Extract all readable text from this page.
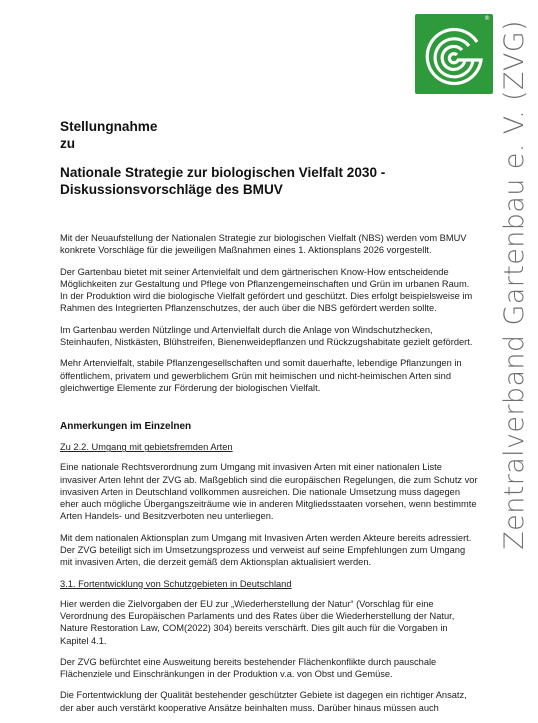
®
Zentralverband Gartenbau e. V. (ZVG)
Stellungnahme
zu
Nationale Strategie zur biologischen Vielfalt 2030 -
Diskussionsvorschläge des BMUV

Mit der Neuaufstellung der Nationalen Strategie zur biologischen Vielfalt (NBS) werden vom BMUV konkrete Vorschläge für die jeweiligen Maßnahmen eines 1. Aktionsplans 2026 vorgestellt.

Der Gartenbau bietet mit seiner Artenvielfalt und dem gärtnerischen Know-How entscheidende Möglichkeiten zur Gestaltung und Pflege von Pflanzengemeinschaften und Grün im urbanen Raum. In der Produktion wird die biologische Vielfalt gefördert und geschützt. Dies erfolgt beispielsweise im Rahmen des Integrierten Pflanzenschutzes, der auch über die NBS gefördert werden sollte.

Im Gartenbau werden Nützlinge und Artenvielfalt durch die Anlage von Windschutzhecken, Steinhaufen, Nistkästen, Blühstreifen, Bienenweidepflanzen und Rückzugshabitate gezielt gefördert.

Mehr Artenvielfalt, stabile Pflanzengesellschaften und somit dauerhafte, lebendige Pflanzungen in öffentlichem, privatem und gewerblichem Grün mit heimischen und nicht-heimischen Arten sind gleichwertige Elemente zur Förderung der biologischen Vielfalt.

Anmerkungen im Einzelnen
Zu 2.2. Umgang mit gebietsfremden Arten

Eine nationale Rechtsverordnung zum Umgang mit invasiven Arten mit einer nationalen Liste invasiver Arten lehnt der ZVG ab. Maßgeblich sind die europäischen Regelungen, die zum Schutz vor invasiven Arten in Deutschland vollkommen ausreichen. Die nationale Umsetzung muss dagegen eher auch mögliche Übergangszeiträume wie in anderen Mitgliedsstaaten vorsehen, wenn bestimmte Arten Handels- und Besitzverboten neu unterliegen.

Mit dem nationalen Aktionsplan zum Umgang mit Invasiven Arten werden Akteure bereits adressiert. Der ZVG beteiligt sich im Umsetzungsprozess und verweist auf seine Empfehlungen zum Umgang mit invasiven Arten, die derzeit gemäß dem Aktionsplan aktualisiert werden.

3.1. Fortentwicklung von Schutzgebieten in Deutschland

Hier werden die Zielvorgaben der EU zur „Wiederherstellung der Natur“ (Vorschlag für eine Verordnung des Europäischen Parlaments und des Rates über die Wiederherstellung der Natur, Nature Restoration Law, COM(2022) 304) bereits verschärft. Dies gilt auch für die Vorgaben in Kapitel 4.1.

Der ZVG befürchtet eine Ausweitung bereits bestehender Flächenkonflikte durch pauschale Flächenziele und Einschränkungen in der Produktion v.a. von Obst und Gemüse.

Die Fortentwicklung der Qualität bestehender geschützter Gebiete ist dagegen ein richtiger Ansatz, der aber auch verstärkt kooperative Ansätze beinhalten muss. Darüber hinaus müssen auch
